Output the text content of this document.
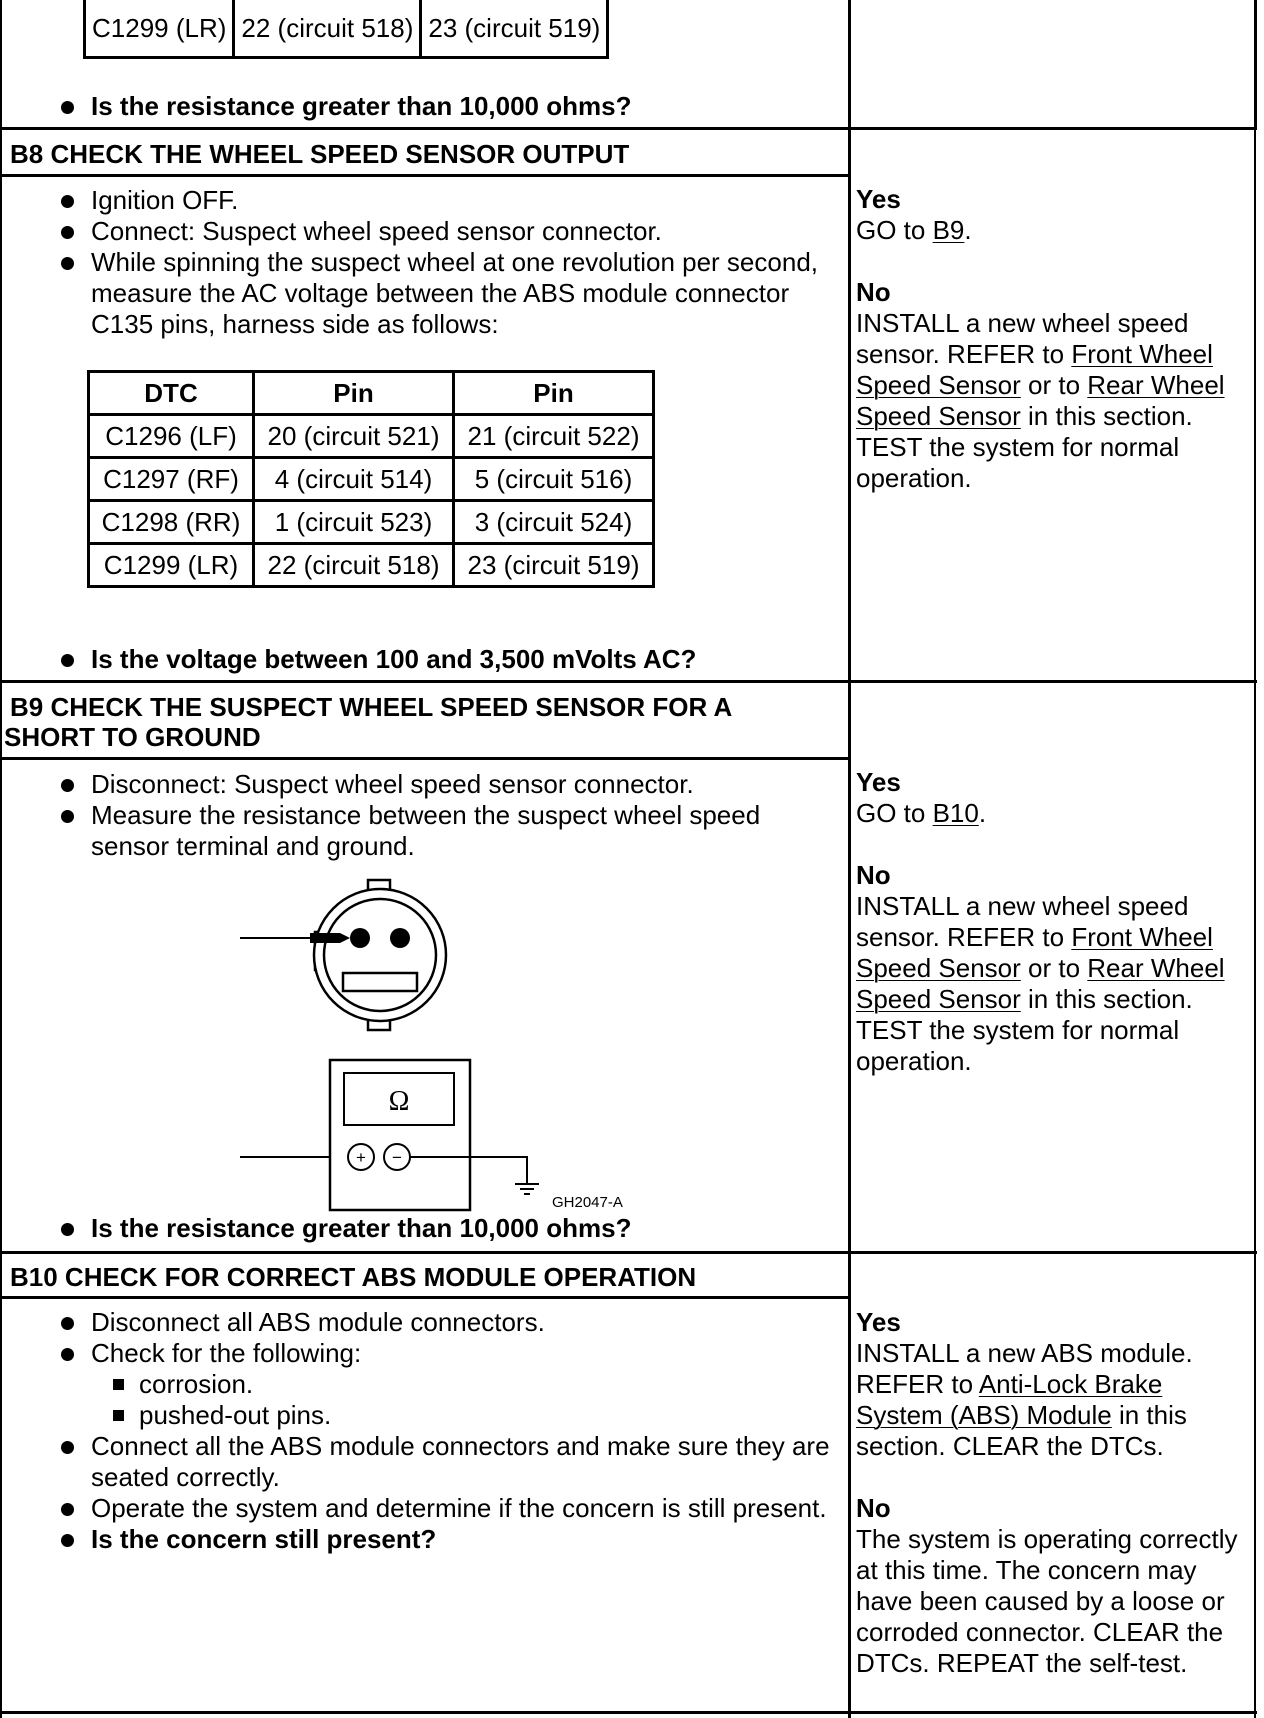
C1299 (LR)	22 (circuit 518)	23 (circuit 519)
Is the resistance greater than 10,000 ohms?
B8 CHECK THE WHEEL SPEED SENSOR OUTPUT
Ignition OFF.
Connect: Suspect wheel speed sensor connector.
While spinning the suspect wheel at one revolution per second, measure the AC voltage between the ABS module connector C135 pins, harness side as follows:
DTC	Pin	Pin
C1296 (LF)	20 (circuit 521)	21 (circuit 522)
C1297 (RF)	4 (circuit 514)	5 (circuit 516)
C1298 (RR)	1 (circuit 523)	3 (circuit 524)
C1299 (LR)	22 (circuit 518)	23 (circuit 519)
Is the voltage between 100 and 3,500 mVolts AC?
Yes
GO to B9.
No
INSTALL a new wheel speed sensor. REFER to Front Wheel Speed Sensor or to Rear Wheel Speed Sensor in this section. TEST the system for normal operation.
B9 CHECK THE SUSPECT WHEEL SPEED SENSOR FOR A
SHORT TO GROUND
Disconnect: Suspect wheel speed sensor connector.
Measure the resistance between the suspect wheel speed sensor terminal and ground.
Ω
+ −
GH2047-A
Is the resistance greater than 10,000 ohms?
Yes
GO to B10.
No
INSTALL a new wheel speed sensor. REFER to Front Wheel Speed Sensor or to Rear Wheel Speed Sensor in this section. TEST the system for normal operation.
B10 CHECK FOR CORRECT ABS MODULE OPERATION
Disconnect all ABS module connectors.
Check for the following:
corrosion.
pushed-out pins.
Connect all the ABS module connectors and make sure they are seated correctly.
Operate the system and determine if the concern is still present.
Is the concern still present?
Yes
INSTALL a new ABS module. REFER to Anti-Lock Brake System (ABS) Module in this section. CLEAR the DTCs.
No
The system is operating correctly at this time. The concern may have been caused by a loose or corroded connector. CLEAR the DTCs. REPEAT the self-test.
